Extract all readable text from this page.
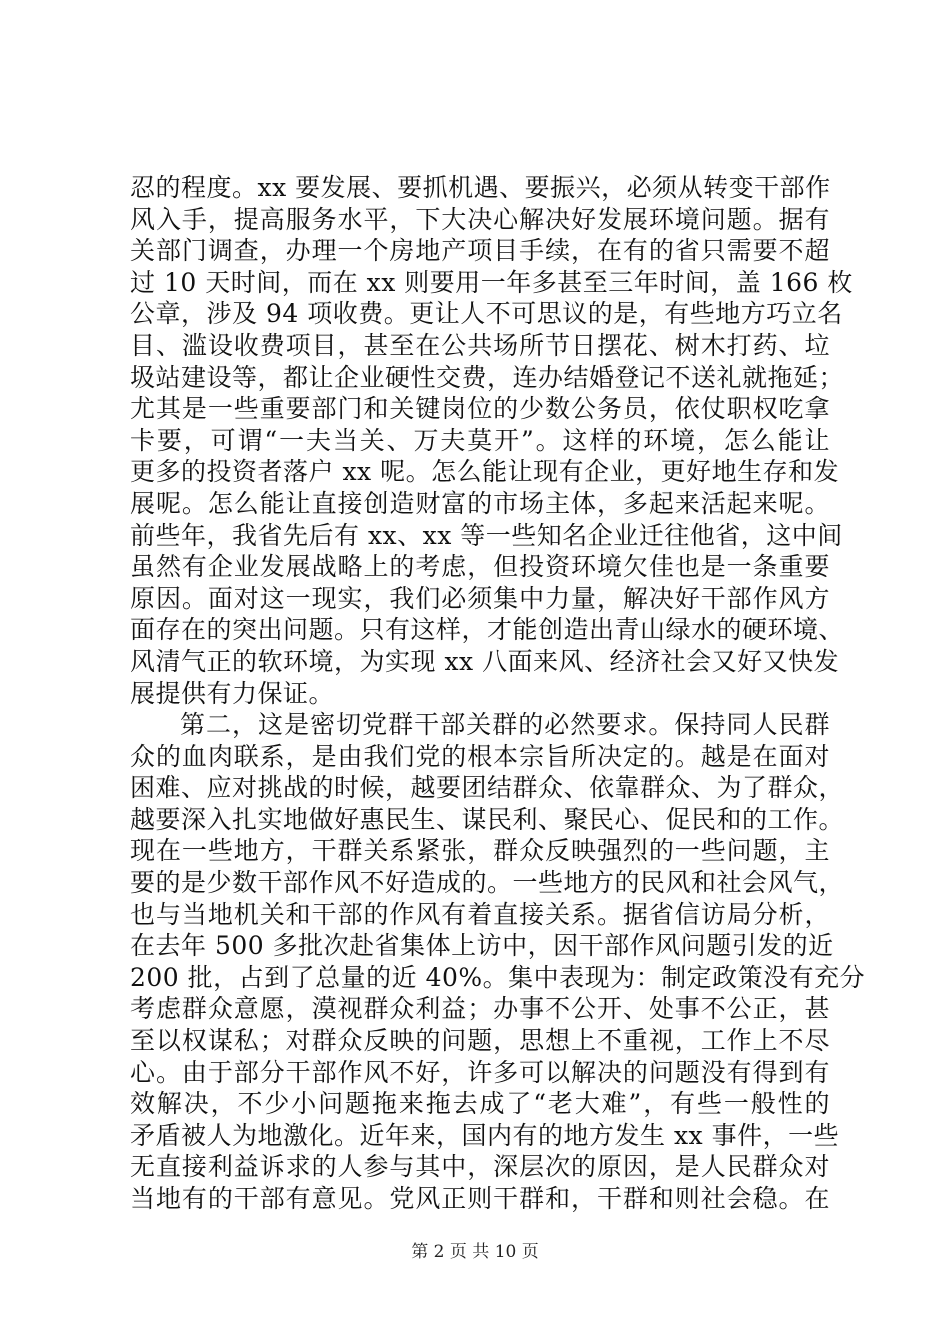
忍的程度。xx 要发展、要抓机遇、要振兴，必须从转变干部作
风入手，提高服务水平，下大决心解决好发展环境问题。据有
关部门调查，办理一个房地产项目手续，在有的省只需要不超
过 10 天时间，而在 xx 则要用一年多甚至三年时间，盖 166 枚
公章，涉及 94 项收费。更让人不可思议的是，有些地方巧立名
目、滥设收费项目，甚至在公共场所节日摆花、树木打药、垃
圾站建设等，都让企业硬性交费，连办结婚登记不送礼就拖延；
尤其是一些重要部门和关键岗位的少数公务员，依仗职权吃拿
卡要，可谓“一夫当关、万夫莫开”。这样的环境，怎么能让
更多的投资者落户 xx 呢。怎么能让现有企业，更好地生存和发
展呢。怎么能让直接创造财富的市场主体，多起来活起来呢。
前些年，我省先后有 xx、xx 等一些知名企业迁往他省，这中间
虽然有企业发展战略上的考虑，但投资环境欠佳也是一条重要
原因。面对这一现实，我们必须集中力量，解决好干部作风方
面存在的突出问题。只有这样，才能创造出青山绿水的硬环境、
风清气正的软环境，为实现 xx 八面来风、经济社会又好又快发
展提供有力保证。
第二，这是密切党群干部关群的必然要求。保持同人民群
众的血肉联系，是由我们党的根本宗旨所决定的。越是在面对
困难、应对挑战的时候，越要团结群众、依靠群众、为了群众，
越要深入扎实地做好惠民生、谋民利、聚民心、促民和的工作。
现在一些地方，干群关系紧张，群众反映强烈的一些问题，主
要的是少数干部作风不好造成的。一些地方的民风和社会风气，
也与当地机关和干部的作风有着直接关系。据省信访局分析，
在去年 500 多批次赴省集体上访中，因干部作风问题引发的近
200 批，占到了总量的近 40%。集中表现为：制定政策没有充分
考虑群众意愿，漠视群众利益；办事不公开、处事不公正，甚
至以权谋私；对群众反映的问题，思想上不重视，工作上不尽
心。由于部分干部作风不好，许多可以解决的问题没有得到有
效解决，不少小问题拖来拖去成了“老大难”，有些一般性的
矛盾被人为地激化。近年来，国内有的地方发生 xx 事件，一些
无直接利益诉求的人参与其中，深层次的原因，是人民群众对
当地有的干部有意见。党风正则干群和，干群和则社会稳。在
第 2 页 共 10 页
